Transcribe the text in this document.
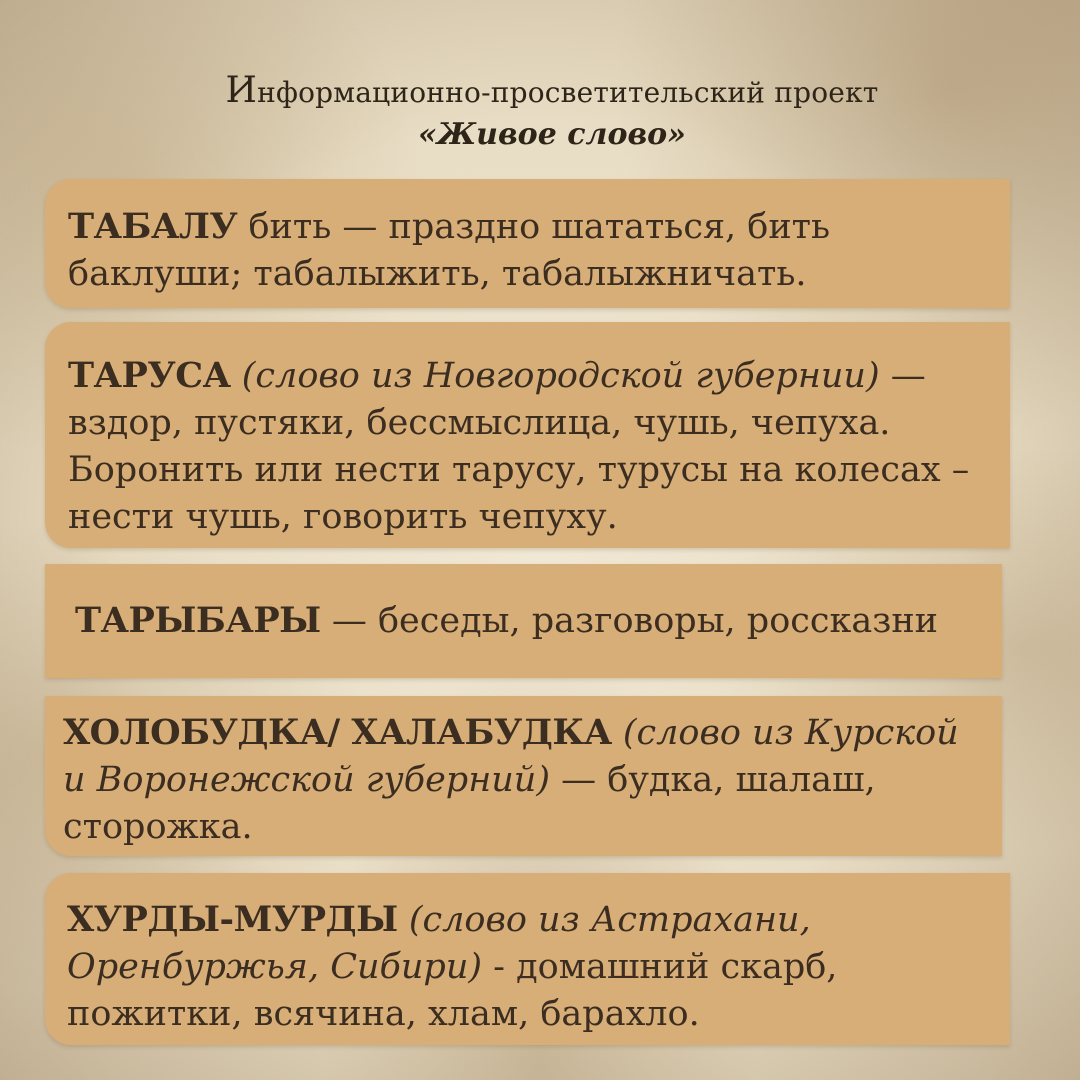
Информационно-просветительский проект
«Живое слово»
ТАБАЛУ бить — праздно шататься, бить баклуши; табалыжить, табалыжничать.
ТАРУСА (слово из Новгородской губернии) — вздор, пустяки, бессмыслица, чушь, чепуха. Боронить или нести тарусу, турусы на колесах – нести чушь, говорить чепуху.
ТАРЫБАРЫ — беседы, разговоры, россказни
ХОЛОБУДКА/ ХАЛАБУДКА (слово из Курской и Воронежской губерний) — будка, шалаш, сторожка.
ХУРДЫ-МУРДЫ (слово из Астрахани, Оренбуржья, Сибири) - домашний скарб, пожитки, всячина, хлам, барахло.
